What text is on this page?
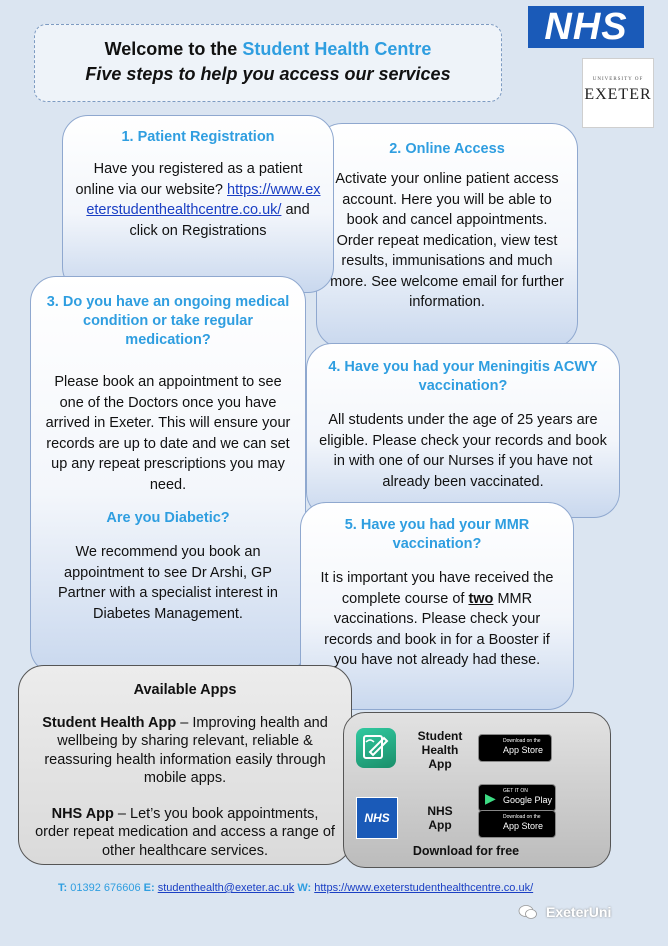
Welcome to the Student Health Centre
Five steps to help you access our services
NHS
UNIVERSITY OF
EXETER
2. Online Access

Activate your online patient access account. Here you will be able to book and cancel appointments. Order repeat medication, view test results, immunisations and much more. See welcome email for further information.

1. Patient Registration

Have you registered as a patient online via our website? https://www.exeterstudenthealthcentre.co.uk/ and click on Registrations

3. Do you have an ongoing medical condition or take regular medication?

Please book an appointment to see one of the Doctors once you have arrived in Exeter. This will ensure your records are up to date and we can set up any repeat prescriptions you may need.

Are you Diabetic?

We recommend you book an appointment to see Dr Arshi, GP Partner with a specialist interest in Diabetes Management.

4. Have you had your Meningitis ACWY vaccination?

All students under the age of 25 years are eligible. Please check your records and book in with one of our Nurses if you have not already been vaccinated.

5. Have you had your MMR vaccination?

It is important you have received the complete course of two MMR vaccinations. Please check your records and book in for a Booster if you have not already had these.

Available Apps
Student Health App – Improving health and wellbeing by sharing relevant, reliable & reassuring health information easily through mobile apps.
NHS App – Let’s you book appointments, order repeat medication and access a range of other healthcare services.
Student
Health
App
Download on the
App Store
NHS	NHS
App
▶ GET IT ON
Google Play
Download on the
App Store
Download for free
T: 01392 676606 E: studenthealth@exeter.ac.uk W: https://www.exeterstudenthealthcentre.co.uk/
ExeterUni
